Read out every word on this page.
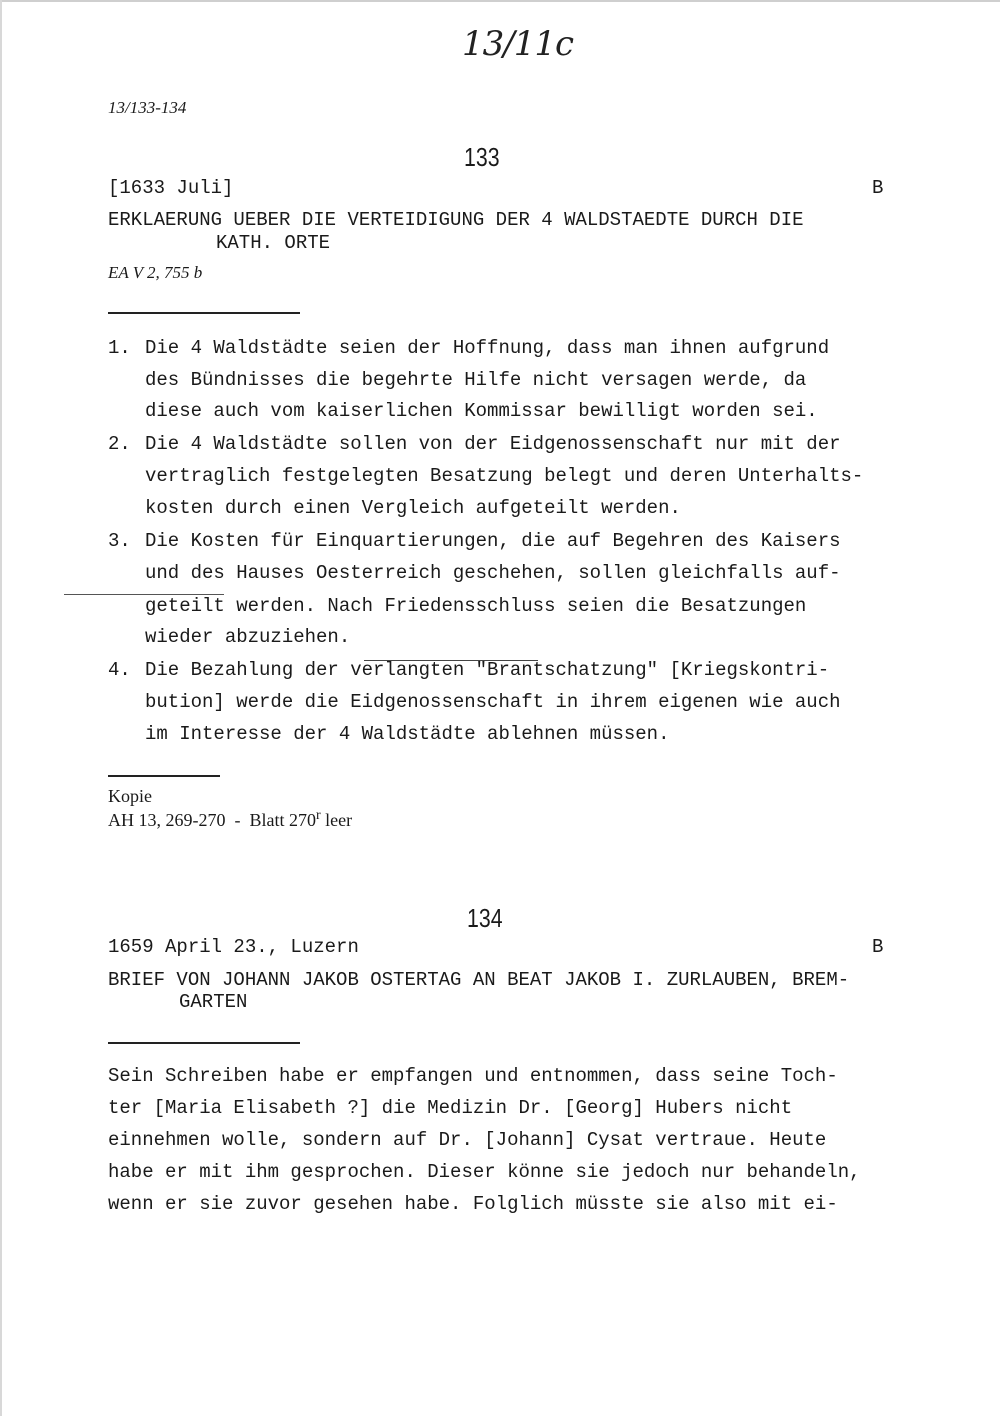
13/11c
13/133-134
133
[1633 Juli]	B
ERKLAERUNG UEBER DIE VERTEIDIGUNG DER 4 WALDSTAEDTE DURCH DIE
KATH. ORTE
EA V 2, 755 b
1. Die 4 Waldstädte seien der Hoffnung, dass man ihnen aufgrund
des Bündnisses die begehrte Hilfe nicht versagen werde, da
diese auch vom kaiserlichen Kommissar bewilligt worden sei.
2. Die 4 Waldstädte sollen von der Eidgenossenschaft nur mit der
vertraglich festgelegten Besatzung belegt und deren Unterhalts-
kosten durch einen Vergleich aufgeteilt werden.
3. Die Kosten für Einquartierungen, die auf Begehren des Kaisers
und des Hauses Oesterreich geschehen, sollen gleichfalls auf-
geteilt werden. Nach Friedensschluss seien die Besatzungen
wieder abzuziehen.
4. Die Bezahlung der verlangten "Brantschatzung" [Kriegskontri-
bution] werde die Eidgenossenschaft in ihrem eigenen wie auch
im Interesse der 4 Waldstädte ablehnen müssen.
Kopie
AH 13, 269-270  -  Blatt 270$^r$ leer
134
1659 April 23., Luzern	B
BRIEF VON JOHANN JAKOB OSTERTAG AN BEAT JAKOB I. ZURLAUBEN, BREM-
GARTEN
Sein Schreiben habe er empfangen und entnommen, dass seine Toch-
ter [Maria Elisabeth ?] die Medizin Dr. [Georg] Hubers nicht
einnehmen wolle, sondern auf Dr. [Johann] Cysat vertraue. Heute
habe er mit ihm gesprochen. Dieser könne sie jedoch nur behandeln,
wenn er sie zuvor gesehen habe. Folglich müsste sie also mit ei-
